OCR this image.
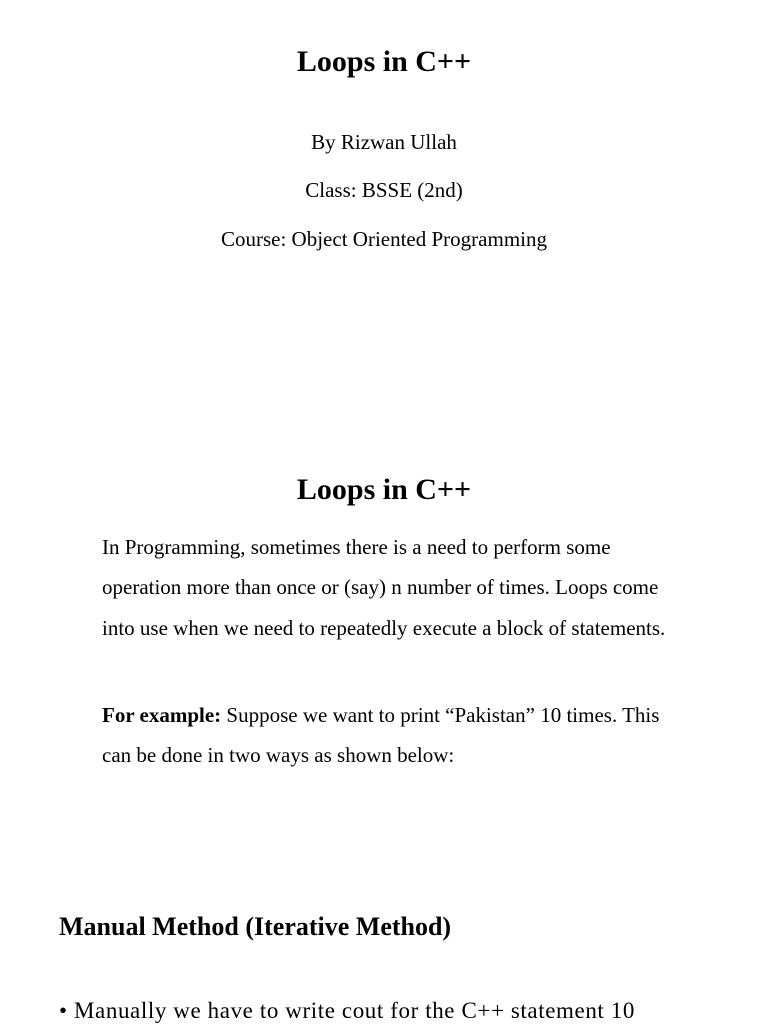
Loops in C++

By Rizwan Ullah

Class: BSSE (2nd)

Course: Object Oriented Programming

Loops in C++

In Programming, sometimes there is a need to perform some operation more than once or (say) n number of times. Loops come into use when we need to repeatedly execute a block of statements.

For example: Suppose we want to print “Pakistan” 10 times. This can be done in two ways as shown below:

Manual Method (Iterative Method)

• Manually we have to write cout for the C++ statement 10
